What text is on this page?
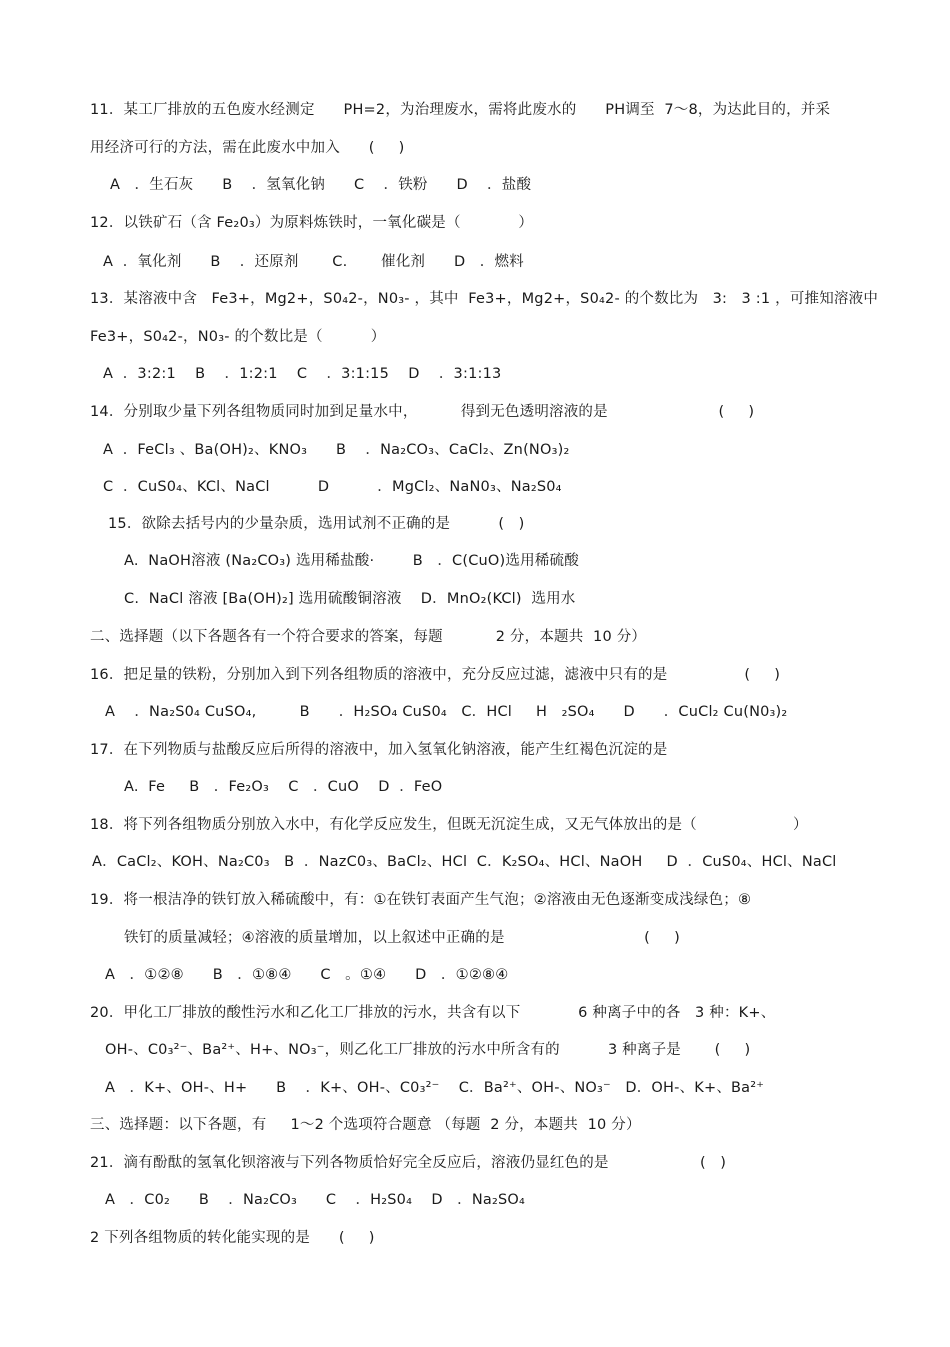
11．某工厂排放的五色废水经测定      PH=2，为治理废水，需将此废水的      PH调至  7～8，为达此目的，并采
用经济可行的方法，需在此废水中加入      (     )
A   ．生石灰      B    ．氢氧化钠      C    ．铁粉      D    ．盐酸
12．以铁矿石（含 Fe₂0₃）为原料炼铁时，一氧化碳是（            ）
A  ．氧化剂      B    ．还原剂       C.       催化剂      D   ．燃料
13．某溶液中含   Fe3+，Mg2+，S0₄2-，N0₃- ，其中  Fe3+，Mg2+，S0₄2- 的个数比为   3:   3 :1 ，可推知溶液中
Fe3+，S0₄2-，N0₃- 的个数比是（          ）
A  ．3:2:1    B    ．1:2:1    C    ．3:1:15    D    ．3:1:13
14．分别取少量下列各组物质同时加到足量水中，         得到无色透明溶液的是                       (     )
A  ．FeCl₃ 、Ba(OH)₂、KNO₃      B    ．Na₂CO₃、CaCl₂、Zn(NO₃)₂
C  ．CuS0₄、KCl、NaCl          D          ．MgCl₂、NaN0₃、Na₂S0₄
15．欲除去括号内的少量杂质，选用试剂不正确的是          (   )
A.  NaOH溶液 (Na₂CO₃) 选用稀盐酸·        B   ．C(CuO)选用稀硫酸
C.  NaCl 溶液 [Ba(OH)₂] 选用硫酸铜溶液    D．MnO₂(KCl)  选用水
二、选择题（以下各题各有一个符合要求的答案，每题           2 分，本题共  10 分）
16．把足量的铁粉，分别加入到下列各组物质的溶液中，充分反应过滤，滤液中只有的是                (     )
A    ．Na₂S0₄ CuSO₄,         B      ．H₂SO₄ CuS0₄   C．HCl     H   ₂SO₄      D      ．CuCl₂ Cu(N0₃)₂
17．在下列物质与盐酸反应后所得的溶液中，加入氢氧化钠溶液，能产生红褐色沉淀的是
A.  Fe     B   ．Fe₂O₃    C   ．CuO    D  ．FeO
18．将下列各组物质分别放入水中，有化学反应发生，但既无沉淀生成，又无气体放出的是（                    ）
A．CaCl₂、KOH、Na₂C0₃   B  ．NazC0₃、BaCl₂、HCl  C．K₂SO₄、HCl、NaOH     D  ．CuS0₄、HCl、NaCl
19．将一根洁净的铁钉放入稀硫酸中，有：①在铁钉表面产生气泡；②溶液由无色逐渐变成浅绿色；⑧
铁钉的质量减轻；④溶液的质量增加，以上叙述中正确的是                             (     )
A   ．①②⑧      B   ．①⑧④      C   。①④      D   ．①②⑧④
20．甲化工厂排放的酸性污水和乙化工厂排放的污水，共含有以下            6 种离子中的各   3 种：K+、
OH-、C0₃²⁻、Ba²⁺、H+、NO₃⁻，则乙化工厂排放的污水中所含有的          3 种离子是       (     )
A   ．K+、OH-、H+      B    ．K+、OH-、C0₃²⁻    C．Ba²⁺、OH-、NO₃⁻   D．OH-、K+、Ba²⁺
三、选择题：以下各题，有     1～2 个选项符合题意 （每题  2 分，本题共  10 分）
21．滴有酚酞的氢氧化钡溶液与下列各物质恰好完全反应后，溶液仍显红色的是                   (   )
A   ．C0₂      B    ．Na₂CO₃      C    ．H₂S0₄    D   ．Na₂SO₄
2 下列各组物质的转化能实现的是      (     )
